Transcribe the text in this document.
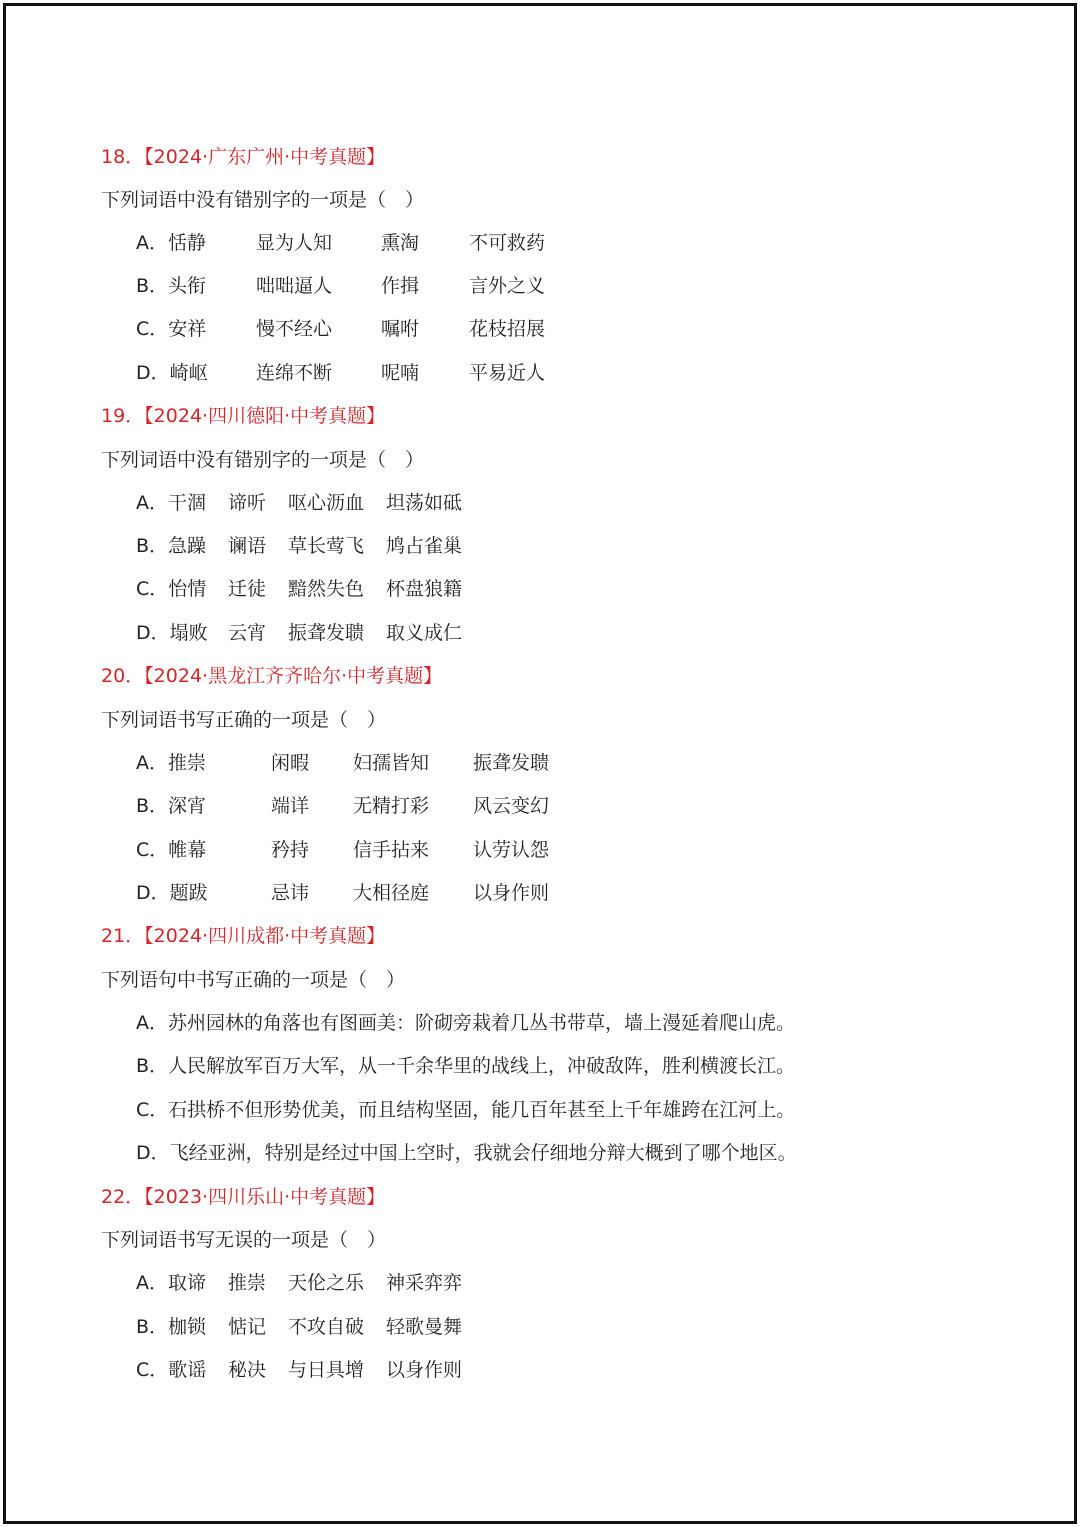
18．【2024·广东广州·中考真题】
下列词语中没有错别字的一项是（　）
A．恬静	显为人知	熏淘	不可救药
B．头衔	咄咄逼人	作揖	言外之义
C．安祥	慢不经心	嘱咐	花枝招展
D．崎岖	连绵不断	呢喃	平易近人
19．【2024·四川德阳·中考真题】
下列词语中没有错别字的一项是（　）
A．干涸 谛听 呕心沥血 坦荡如砥
B．急躁 谰语 草长莺飞 鸠占雀巢
C．怡情 迁徒 黯然失色 杯盘狼籍
D．塌败 云宵 振聋发聩 取义成仁
20．【2024·黑龙江齐齐哈尔·中考真题】
下列词语书写正确的一项是（　）
A．推崇	闲暇 妇孺皆知 振聋发聩
B．深宵	端详 无精打彩 风云变幻
C．帷幕	矜持 信手拈来 认劳认怨
D．题跋	忌讳 大相径庭 以身作则
21．【2024·四川成都·中考真题】
下列语句中书写正确的一项是（　）
A．苏州园林的角落也有图画美：阶砌旁栽着几丛书带草，墙上漫延着爬山虎。
B．人民解放军百万大军，从一千余华里的战线上，冲破敌阵，胜利横渡长江。
C．石拱桥不但形势优美，而且结构坚固，能几百年甚至上千年雄跨在江河上。
D．飞经亚洲，特别是经过中国上空时，我就会仔细地分辩大概到了哪个地区。
22．【2023·四川乐山·中考真题】
下列词语书写无误的一项是（　）
A．取谛 推崇 天伦之乐 神采弈弈
B．枷锁 惦记 不攻自破 轻歌曼舞
C．歌谣 秘决 与日具增 以身作则
